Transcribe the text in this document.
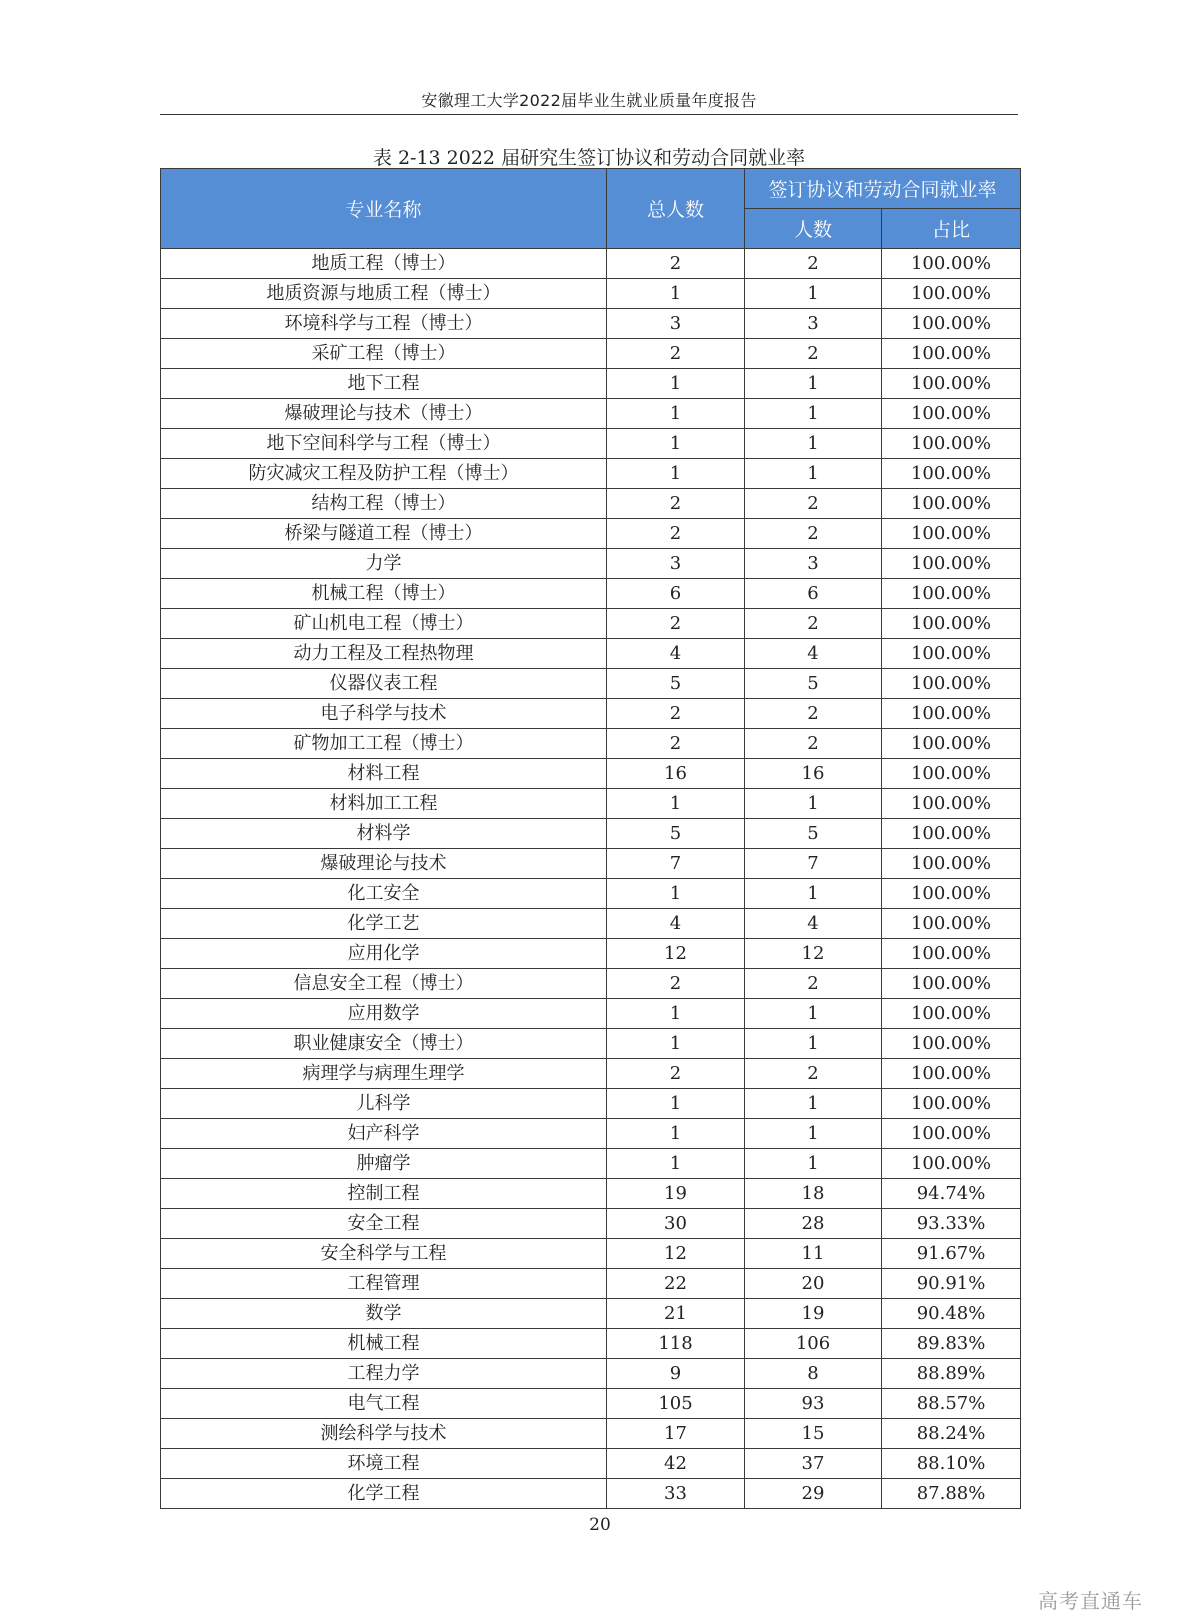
安徽理工大学2022届毕业生就业质量年度报告
表 2-13 2022 届研究生签订协议和劳动合同就业率
专业名称	总人数	签订协议和劳动合同就业率	
		人数	占比
地质工程（博士）	2	2	100.00%
地质资源与地质工程（博士）	1	1	100.00%
环境科学与工程（博士）	3	3	100.00%
采矿工程（博士）	2	2	100.00%
地下工程	1	1	100.00%
爆破理论与技术（博士）	1	1	100.00%
地下空间科学与工程（博士）	1	1	100.00%
防灾减灾工程及防护工程（博士）	1	1	100.00%
结构工程（博士）	2	2	100.00%
桥梁与隧道工程（博士）	2	2	100.00%
力学	3	3	100.00%
机械工程（博士）	6	6	100.00%
矿山机电工程（博士）	2	2	100.00%
动力工程及工程热物理	4	4	100.00%
仪器仪表工程	5	5	100.00%
电子科学与技术	2	2	100.00%
矿物加工工程（博士）	2	2	100.00%
材料工程	16	16	100.00%
材料加工工程	1	1	100.00%
材料学	5	5	100.00%
爆破理论与技术	7	7	100.00%
化工安全	1	1	100.00%
化学工艺	4	4	100.00%
应用化学	12	12	100.00%
信息安全工程（博士）	2	2	100.00%
应用数学	1	1	100.00%
职业健康安全（博士）	1	1	100.00%
病理学与病理生理学	2	2	100.00%
儿科学	1	1	100.00%
妇产科学	1	1	100.00%
肿瘤学	1	1	100.00%
控制工程	19	18	94.74%
安全工程	30	28	93.33%
安全科学与工程	12	11	91.67%
工程管理	22	20	90.91%
数学	21	19	90.48%
机械工程	118	106	89.83%
工程力学	9	8	88.89%
电气工程	105	93	88.57%
测绘科学与技术	17	15	88.24%
环境工程	42	37	88.10%
化学工程	33	29	87.88%
20
高考直通车
